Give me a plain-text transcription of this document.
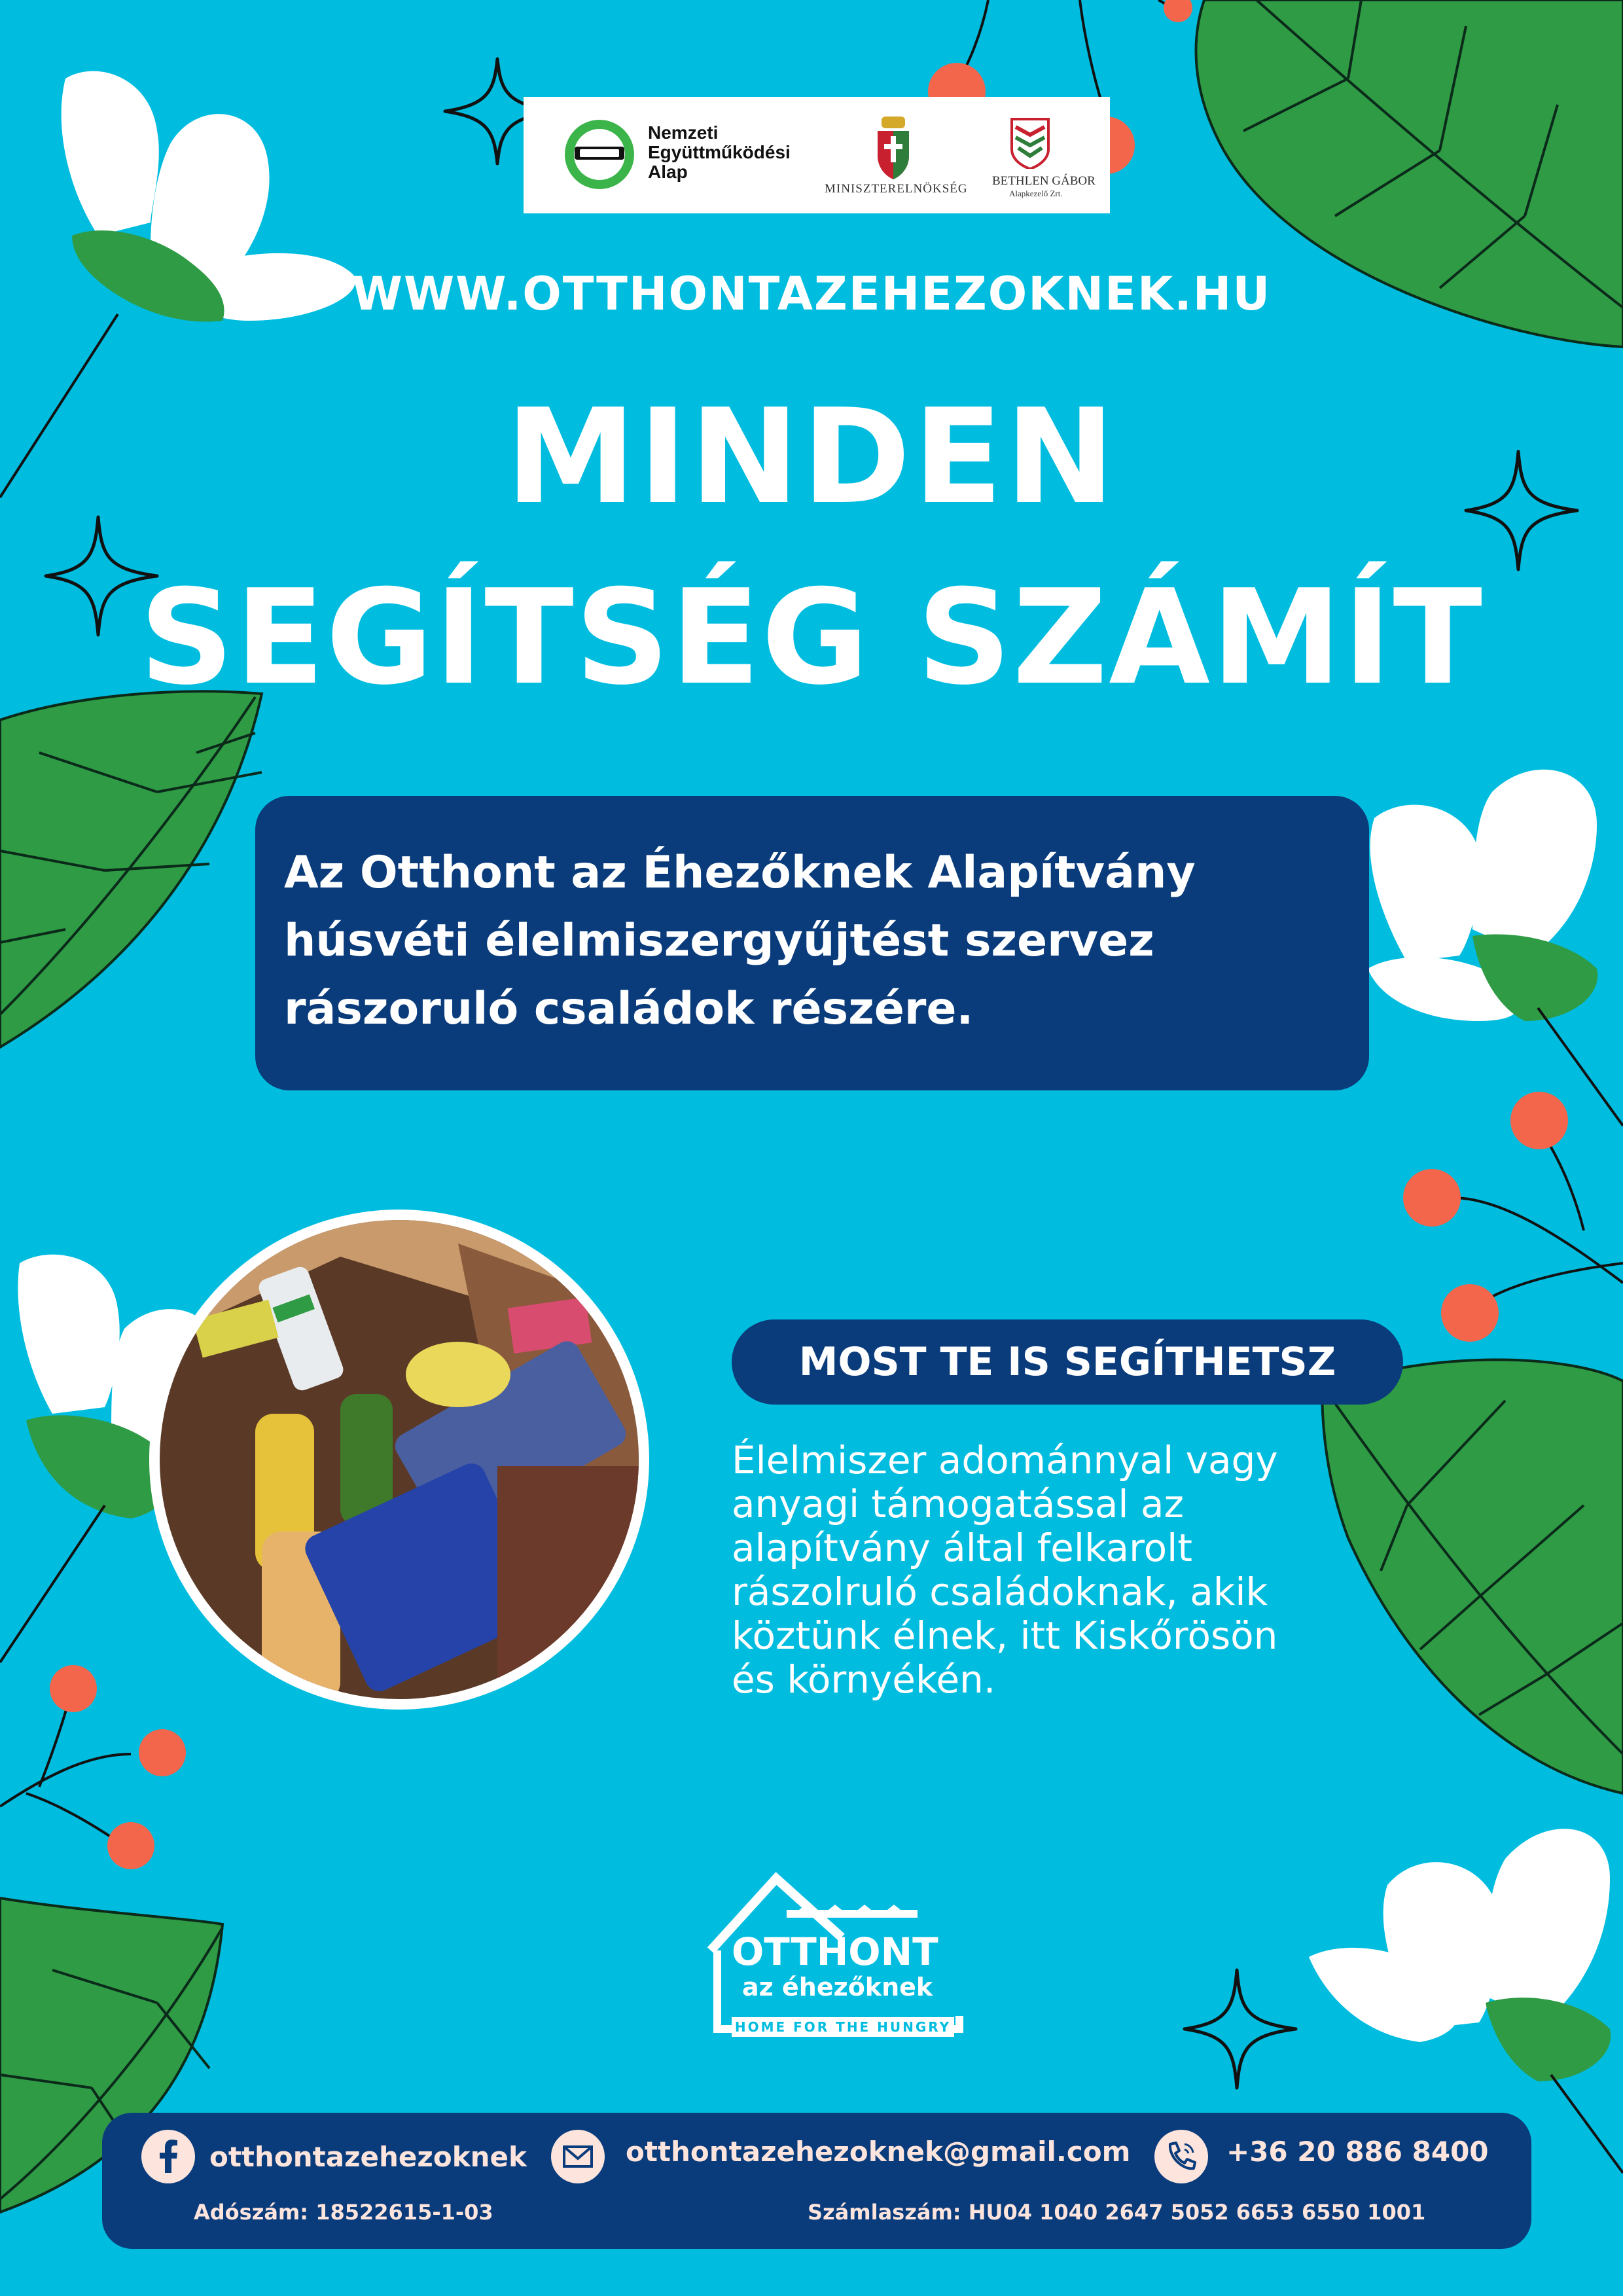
Nemzeti
Együttműködési
Alap
MINISZTERELNÖKSÉG
BETHLEN GÁBOR
Alapkezelő Zrt.
WWW.OTTHONTAZEHEZOKNEK.HU
MINDEN
SEGÍTSÉG SZÁMÍT
Az Otthont az Éhezőknek Alapítvány
húsvéti élelmiszergyűjtést szervez
rászoruló családok részére.
MOST TE IS SEGÍTHETSZ
Élelmiszer adománnyal vagy
anyagi támogatással az
alapítvány által felkarolt
rászolruló családoknak, akik
köztünk élnek, itt Kiskőrösön
és környékén.
OTTHONT
az éhezőknek
HOME FOR THE HUNGRY
otthontazehezoknek	otthontazehezoknek@gmail.com	+36 20 886 8400
Adószám: 18522615-1-03	Számlaszám: HU04 1040 2647 5052 6653 6550 1001
